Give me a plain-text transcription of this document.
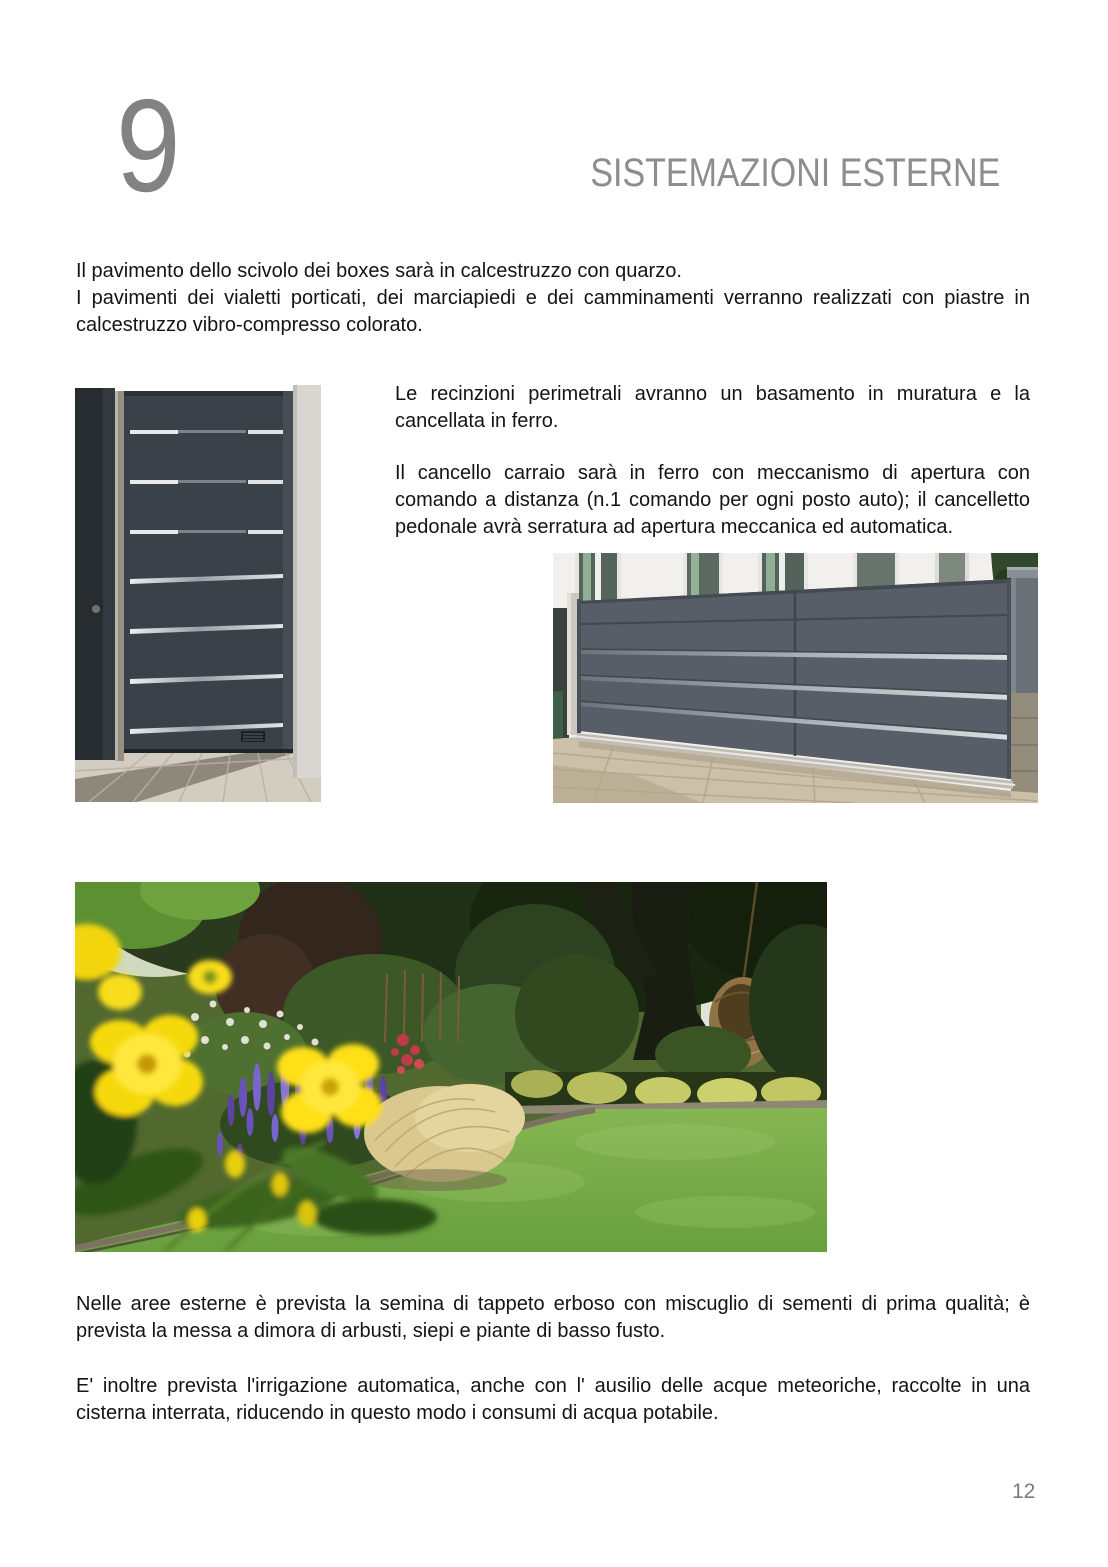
9	SISTEMAZIONI ESTERNE

Il pavimento dello scivolo dei boxes sarà in calcestruzzo con quarzo.

I pavimenti dei vialetti porticati, dei marciapiedi e dei camminamenti verranno realizzati con piastre in calcestruzzo vibro-compresso colorato.

Le recinzioni perimetrali avranno un basamento in muratura e la cancellata in ferro.

Il cancello carraio sarà in ferro con meccanismo di apertura con comando a distanza (n.1 comando per ogni posto auto); il cancelletto pedonale avrà serratura ad apertura meccanica ed automatica.

Nelle aree esterne è prevista la semina di tappeto erboso con miscuglio di sementi di prima qualità; è prevista la messa a dimora di arbusti, siepi e piante di basso fusto.

E' inoltre prevista l'irrigazione automatica, anche con l' ausilio delle acque meteoriche, raccolte in una cisterna interrata, riducendo in questo modo i consumi di acqua potabile.

12
